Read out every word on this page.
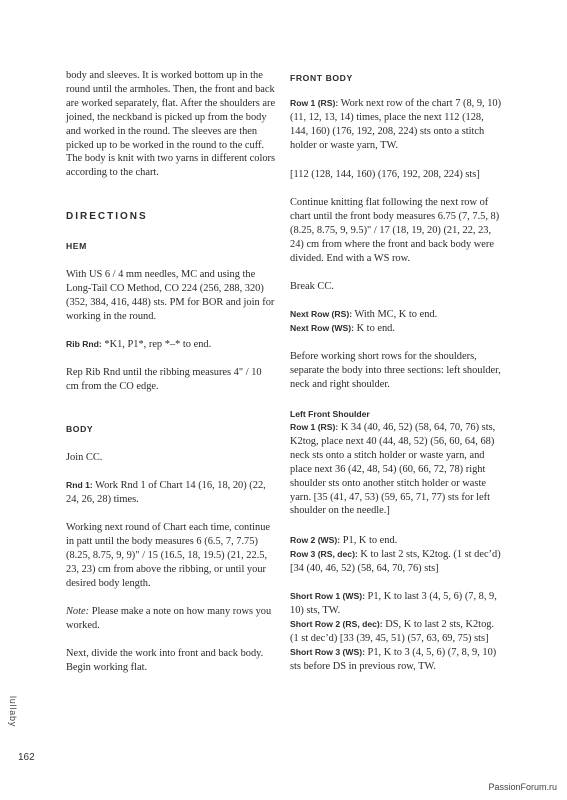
body and sleeves. It is worked bottom up in the round until the armholes. Then, the front and back are worked separately, flat. After the shoulders are joined, the neckband is picked up from the body and worked in the round. The sleeves are then picked up to be worked in the round to the cuff. The body is knit with two yarns in different colors according to the chart.

DIRECTIONS
HEM

With US 6 / 4 mm needles, MC and using the Long-Tail CO Method, CO 224 (256, 288, 320) (352, 384, 416, 448) sts. PM for BOR and join for working in the round.

Rib Rnd: *K1, P1*, rep *–* to end.

Rep Rib Rnd until the ribbing measures 4" / 10 cm from the CO edge.

BODY

Join CC.

Rnd 1: Work Rnd 1 of Chart 14 (16, 18, 20) (22, 24, 26, 28) times.

Working next round of Chart each time, continue in patt until the body measures 6 (6.5, 7, 7.75) (8.25, 8.75, 9, 9)" / 15 (16.5, 18, 19.5) (21, 22.5, 23, 23) cm from above the ribbing, or until your desired body length.

Note: Please make a note on how many rows you worked.

Next, divide the work into front and back body. Begin working flat.

FRONT BODY

Row 1 (RS): Work next row of the chart 7 (8, 9, 10) (11, 12, 13, 14) times, place the next 112 (128, 144, 160) (176, 192, 208, 224) sts onto a stitch holder or waste yarn, TW.

[112 (128, 144, 160) (176, 192, 208, 224) sts]

Continue knitting flat following the next row of chart until the front body measures 6.75 (7, 7.5, 8) (8.25, 8.75, 9, 9.5)" / 17 (18, 19, 20) (21, 22, 23, 24) cm from where the front and back body were divided. End with a WS row.

Break CC.

Next Row (RS): With MC, K to end.

Next Row (WS): K to end.

Before working short rows for the shoulders, separate the body into three sections: left shoulder, neck and right shoulder.

Left Front Shoulder

Row 1 (RS): K 34 (40, 46, 52) (58, 64, 70, 76) sts, K2tog, place next 40 (44, 48, 52) (56, 60, 64, 68) neck sts onto a stitch holder or waste yarn, and place next 36 (42, 48, 54) (60, 66, 72, 78) right shoulder sts onto another stitch holder or waste yarn. [35 (41, 47, 53) (59, 65, 71, 77) sts for left shoulder on the needle.]

Row 2 (WS): P1, K to end.

Row 3 (RS, dec): K to last 2 sts, K2tog. (1 st dec’d) [34 (40, 46, 52) (58, 64, 70, 76) sts]

Short Row 1 (WS): P1, K to last 3 (4, 5, 6) (7, 8, 9, 10) sts, TW.

Short Row 2 (RS, dec): DS, K to last 2 sts, K2tog. (1 st dec’d) [33 (39, 45, 51) (57, 63, 69, 75) sts]

Short Row 3 (WS): P1, K to 3 (4, 5, 6) (7, 8, 9, 10) sts before DS in previous row, TW.

lullaby
162
PassionForum.ru
